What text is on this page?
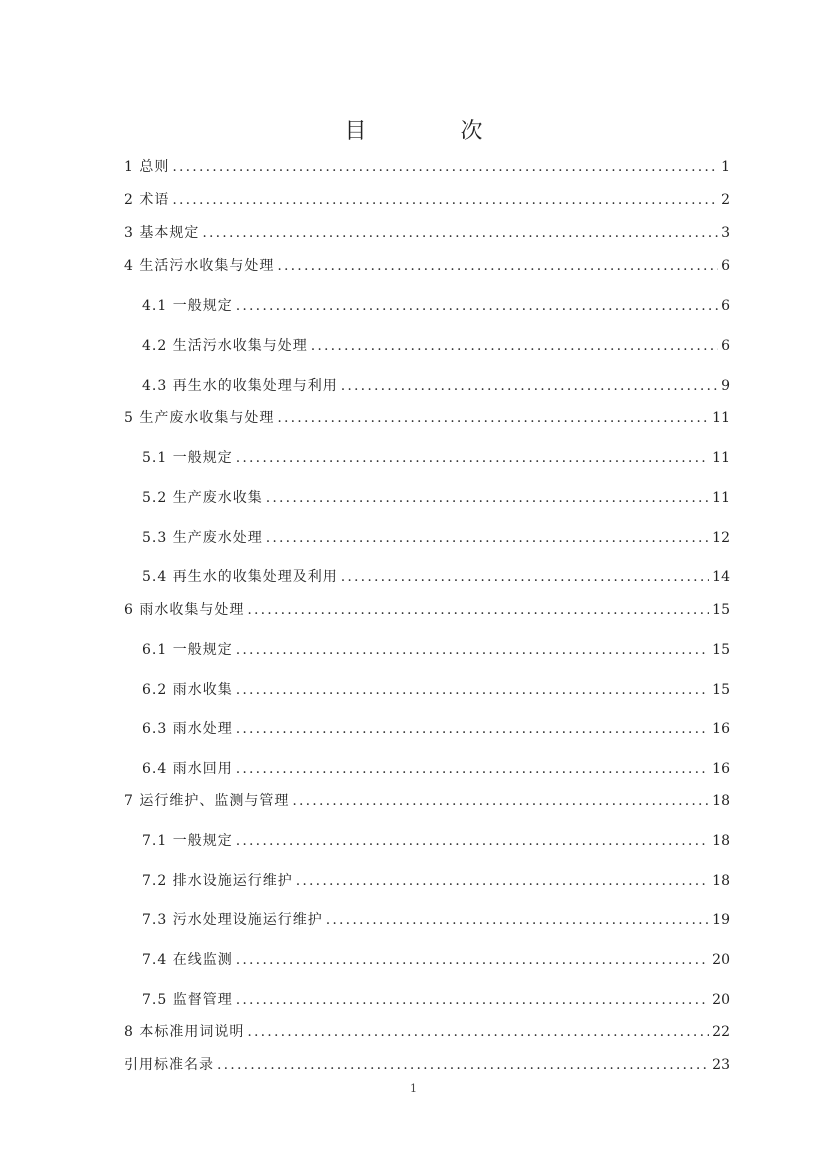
目　次
1 总则 .....	1
2 术语 .....	2
3 基本规定 .....	3
4 生活污水收集与处理 .....	6
4.1 一般规定 .....	6
4.2 生活污水收集与处理 .....	6
4.3 再生水的收集处理与利用 .....	9
5 生产废水收集与处理 .....	11
5.1 一般规定 .....	11
5.2 生产废水收集 .....	11
5.3 生产废水处理 .....	12
5.4 再生水的收集处理及利用 .....	14
6 雨水收集与处理 .....	15
6.1 一般规定 .....	15
6.2 雨水收集 .....	15
6.3 雨水处理 .....	16
6.4 雨水回用 .....	16
7 运行维护、监测与管理 .....	18
7.1 一般规定 .....	18
7.2 排水设施运行维护 .....	18
7.3 污水处理设施运行维护 .....	19
7.4 在线监测 .....	20
7.5 监督管理 .....	20
8 本标准用词说明 .....	22
引用标准名录 .....	23
1
